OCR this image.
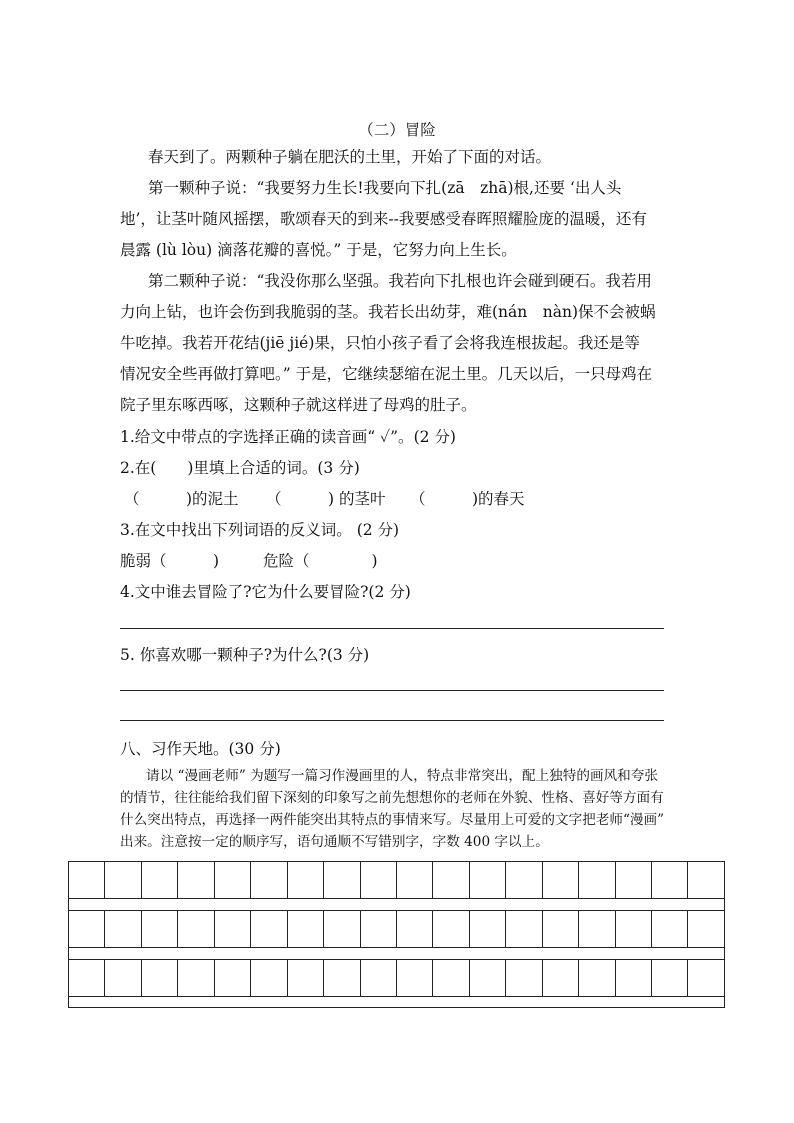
（二）冒险
春天到了。两颗种子躺在肥沃的土里，开始了下面的对话。
第一颗种子说：“我要努力生长!我要向下扎(zā　zhā)根,还要 ‘出人头
地’，让茎叶随风摇摆，歌颂春天的到来--我要感受春晖照耀脸庞的温暖，还有
晨露 (lù lòu) 滴落花瓣的喜悦。” 于是，它努力向上生长。
第二颗种子说：“我没你那么坚强。我若向下扎根也许会碰到硬石。我若用
力向上钻，也许会伤到我脆弱的茎。我若长出幼芽，难(nán　nàn)保不会被蜗
牛吃掉。我若开花结(jiē jié)果，只怕小孩子看了会将我连根拔起。我还是等
情况安全些再做打算吧。” 于是，它继续瑟缩在泥土里。几天以后，一只母鸡在
院子里东啄西啄，这颗种子就这样进了母鸡的肚子。
1.给文中带点的字选择正确的读音画“ ✓”。(2 分)
2.在(　　)里填上合适的词。(3 分)
（　　　)的泥土 （　　　) 的茎叶 （　　　)的春天
3.在文中找出下列词语的反义词。 (2 分)
脆弱（　　　)	危险（　　　　)
4.文中谁去冒险了?它为什么要冒险?(2 分)
5. 你喜欢哪一颗种子?为什么?(3 分)
八、习作天地。(30 分)
请以 “漫画老师” 为题写一篇习作漫画里的人，特点非常突出，配上独特的画风和夸张
的情节，往往能给我们留下深刻的印象写之前先想想你的老师在外貌、性格、喜好等方面有
什么突出特点，再选择一两件能突出其特点的事情来写。尽量用上可爱的文字把老师“漫画”
出来。注意按一定的顺序写，语句通顺不写错别字，字数 400 字以上。
